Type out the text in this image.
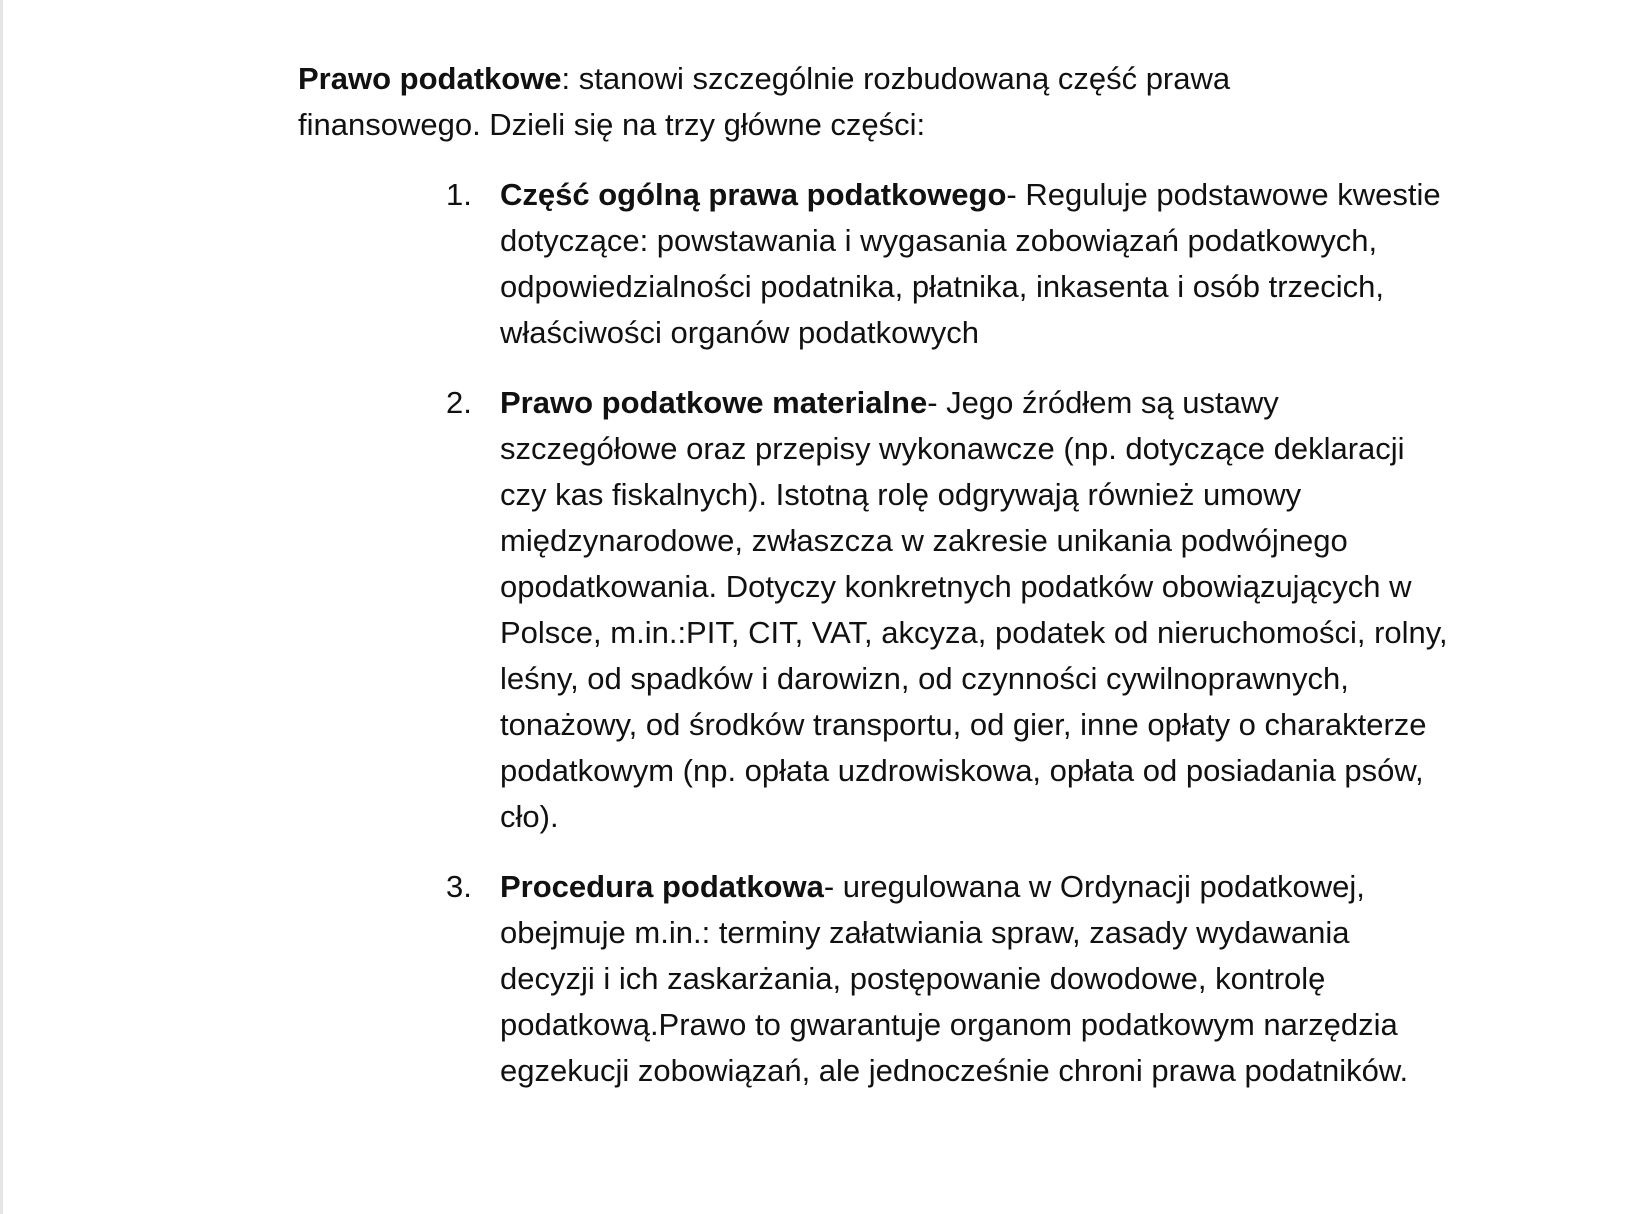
Prawo podatkowe: stanowi szczególnie rozbudowaną część prawa finansowego. Dzieli się na trzy główne części:

1. Część ogólną prawa podatkowego- Reguluje podstawowe kwestie dotyczące: powstawania i wygasania zobowiązań podatkowych, odpowiedzialności podatnika, płatnika, inkasenta i osób trzecich, właściwości organów podatkowych
2. Prawo podatkowe materialne- Jego źródłem są ustawy szczegółowe oraz przepisy wykonawcze (np. dotyczące deklaracji czy kas fiskalnych). Istotną rolę odgrywają również umowy międzynarodowe, zwłaszcza w zakresie unikania podwójnego opodatkowania. Dotyczy konkretnych podatków obowiązujących w Polsce, m.in.:PIT, CIT, VAT, akcyza, podatek od nieruchomości, rolny, leśny, od spadków i darowizn, od czynności cywilnoprawnych, tonażowy, od środków transportu, od gier, inne opłaty o charakterze podatkowym (np. opłata uzdrowiskowa, opłata od posiadania psów, cło).
3. Procedura podatkowa- uregulowana w Ordynacji podatkowej, obejmuje m.in.: terminy załatwiania spraw, zasady wydawania decyzji i ich zaskarżania, postępowanie dowodowe, kontrolę podatkową.Prawo to gwarantuje organom podatkowym narzędzia egzekucji zobowiązań, ale jednocześnie chroni prawa podatników.
